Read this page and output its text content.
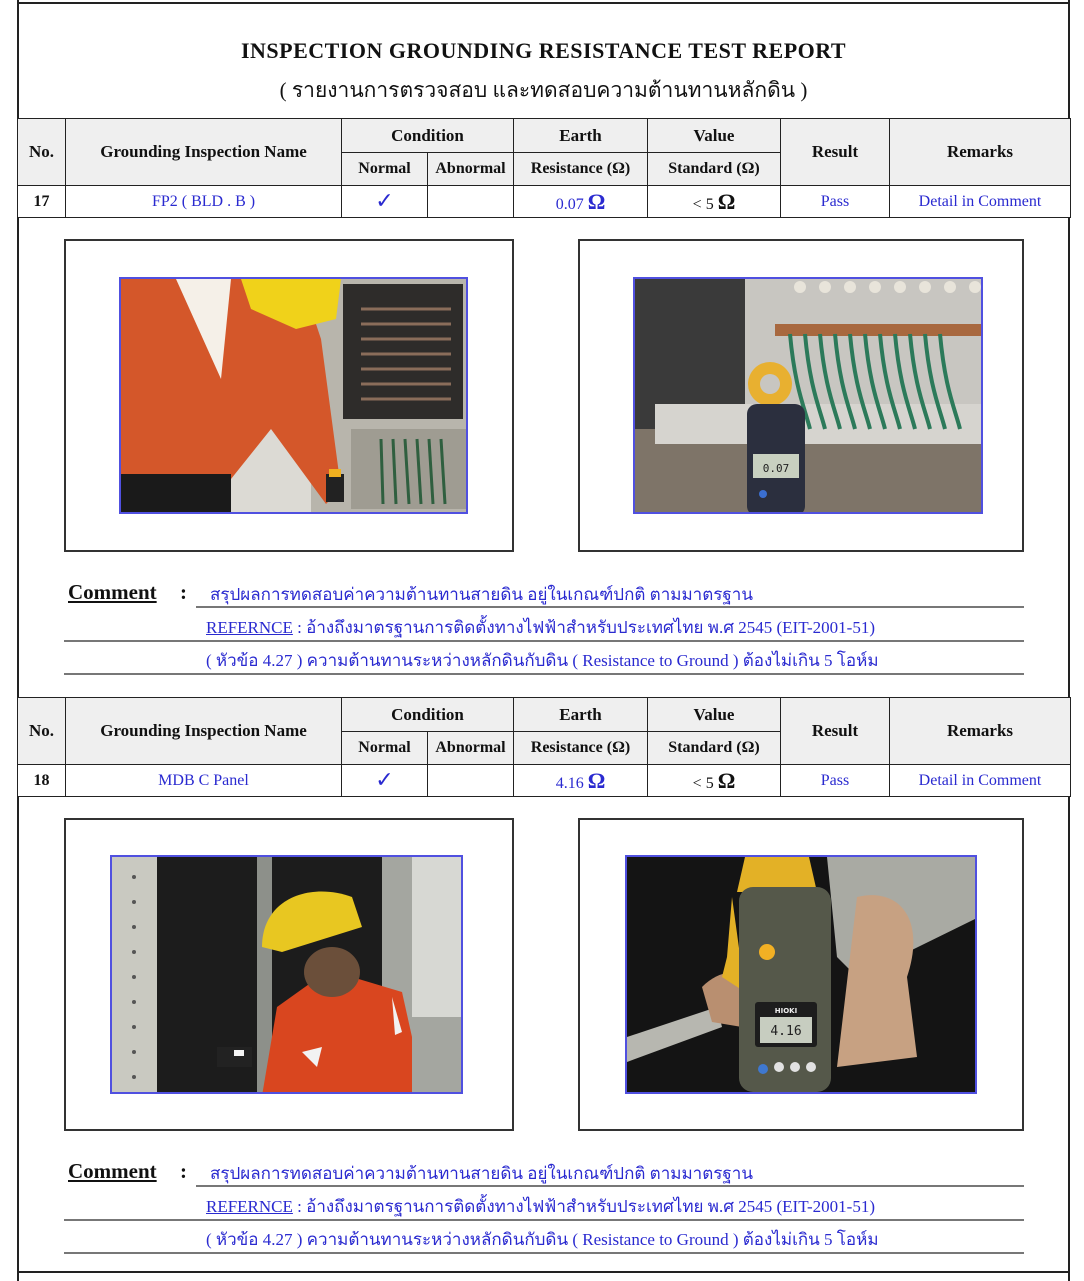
INSPECTION GROUNDING RESISTANCE TEST REPORT
( รายงานการตรวจสอบ และทดสอบความต้านทานหลักดิน )
No.	Grounding Inspection Name	Condition		Earth	Value	Result	Remarks
		Normal	Abnormal	Resistance (Ω)	Standard (Ω)		
17	FP2 ( BLD . B )	✓		0.07 Ω	< 5 Ω	Pass	Detail in Comment
0.07
Comment : สรุปผลการทดสอบค่าความต้านทานสายดิน อยู่ในเกณฑ์ปกติ ตามมาตรฐาน
REFERNCE : อ้างถึงมาตรฐานการติดตั้งทางไฟฟ้าสำหรับประเทศไทย พ.ศ 2545 (EIT-2001-51)
( หัวข้อ 4.27 ) ความต้านทานระหว่างหลักดินกับดิน ( Resistance to Ground ) ต้องไม่เกิน 5 โอห์ม
No.	Grounding Inspection Name	Condition		Earth	Value	Result	Remarks
		Normal	Abnormal	Resistance (Ω)	Standard (Ω)		
18	MDB C Panel	✓		4.16 Ω	< 5 Ω	Pass	Detail in Comment
4.16
HIOKI
Comment : สรุปผลการทดสอบค่าความต้านทานสายดิน อยู่ในเกณฑ์ปกติ ตามมาตรฐาน
REFERNCE : อ้างถึงมาตรฐานการติดตั้งทางไฟฟ้าสำหรับประเทศไทย พ.ศ 2545 (EIT-2001-51)
( หัวข้อ 4.27 ) ความต้านทานระหว่างหลักดินกับดิน ( Resistance to Ground ) ต้องไม่เกิน 5 โอห์ม
